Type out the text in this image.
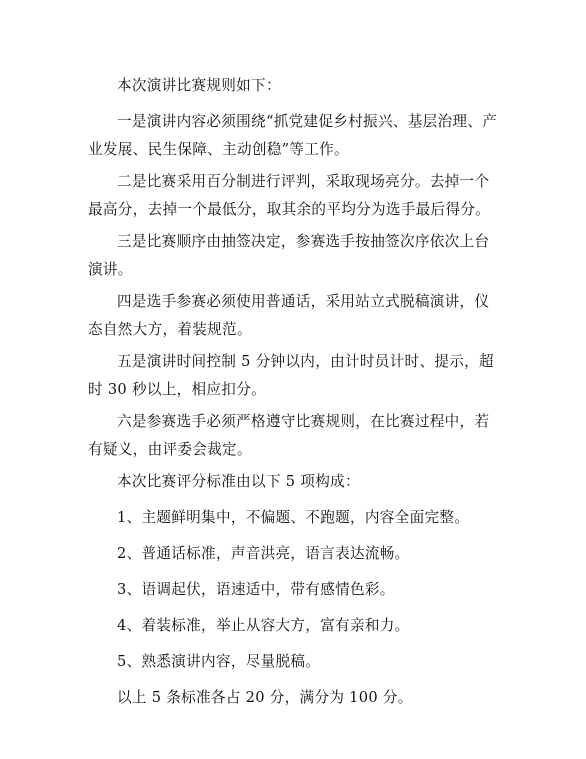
本次演讲比赛规则如下：

一是演讲内容必须围绕“抓党建促乡村振兴、基层治理、产业发展、民生保障、主动创稳”等工作。

二是比赛采用百分制进行评判，采取现场亮分。去掉一个最高分，去掉一个最低分，取其余的平均分为选手最后得分。

三是比赛顺序由抽签决定，参赛选手按抽签次序依次上台演讲。

四是选手参赛必须使用普通话，采用站立式脱稿演讲，仪态自然大方，着装规范。

五是演讲时间控制 5 分钟以内，由计时员计时、提示，超时 30 秒以上，相应扣分。

六是参赛选手必须严格遵守比赛规则，在比赛过程中，若有疑义，由评委会裁定。

本次比赛评分标准由以下 5 项构成：

1、主题鲜明集中，不偏题、不跑题，内容全面完整。

2、普通话标准，声音洪亮，语言表达流畅。

3、语调起伏，语速适中，带有感情色彩。

4、着装标准，举止从容大方，富有亲和力。

5、熟悉演讲内容，尽量脱稿。

以上 5 条标准各占 20 分，满分为 100 分。
